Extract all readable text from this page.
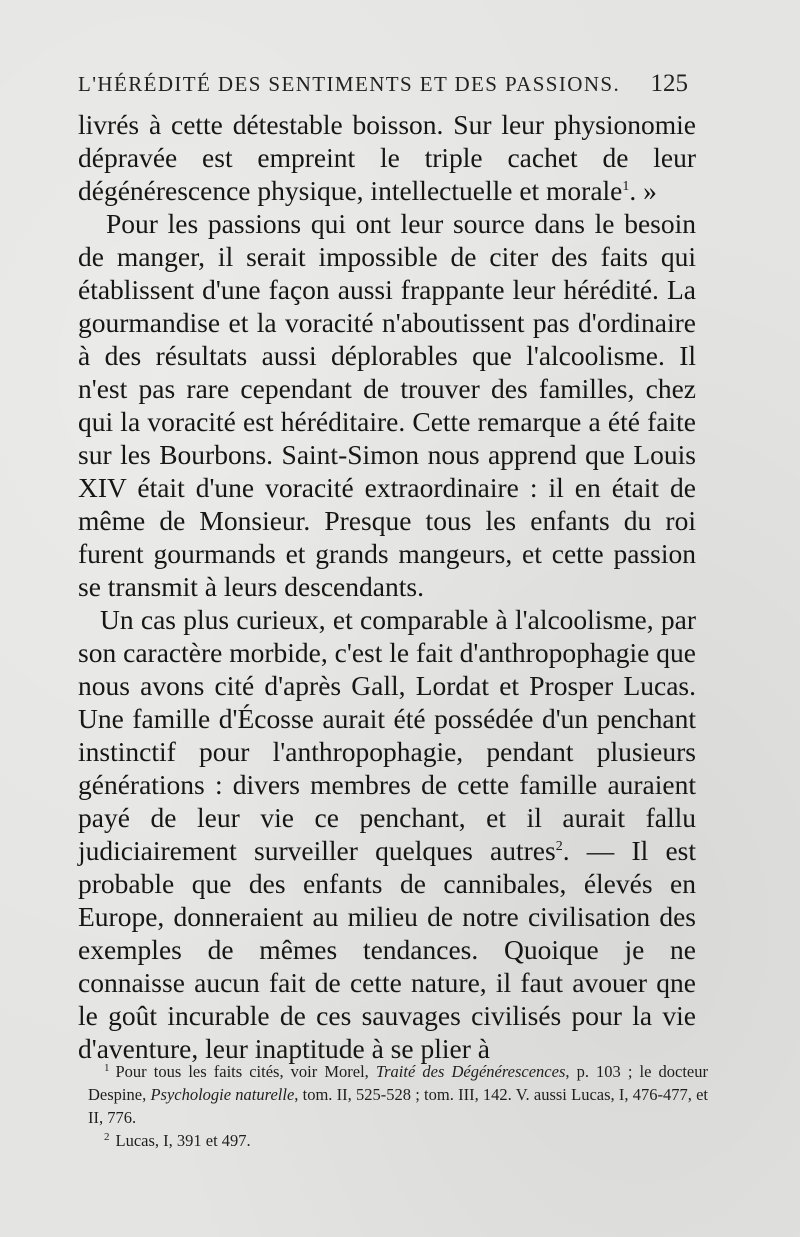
L'HÉRÉDITÉ DES SENTIMENTS ET DES PASSIONS. 125

livrés à cette détestable boisson. Sur leur physionomie dépravée est empreint le triple cachet de leur dégénérescence physique, intellectuelle et morale$^1$. »

Pour les passions qui ont leur source dans le besoin de manger, il serait impossible de citer des faits qui établissent d'une façon aussi frappante leur hérédité. La gourmandise et la voracité n'aboutissent pas d'ordinaire à des résultats aussi déplorables que l'alcoolisme. Il n'est pas rare cependant de trouver des familles, chez qui la voracité est héréditaire. Cette remarque a été faite sur les Bourbons. Saint-Simon nous apprend que Louis XIV était d'une voracité extraordinaire : il en était de même de Monsieur. Presque tous les enfants du roi furent gourmands et grands mangeurs, et cette passion se transmit à leurs descendants.

Un cas plus curieux, et comparable à l'alcoolisme, par son caractère morbide, c'est le fait d'anthropophagie que nous avons cité d'après Gall, Lordat et Prosper Lucas. Une famille d'Écosse aurait été possédée d'un penchant instinctif pour l'anthropophagie, pendant plusieurs générations : divers membres de cette famille auraient payé de leur vie ce penchant, et il aurait fallu judiciairement surveiller quelques autres$^2$. — Il est probable que des enfants de cannibales, élevés en Europe, donneraient au milieu de notre civilisation des exemples de mêmes tendances. Quoique je ne connaisse aucun fait de cette nature, il faut avouer qne le goût incurable de ces sauvages civilisés pour la vie d'aventure, leur inaptitude à se plier à

$^1$ Pour tous les faits cités, voir Morel, Traité des Dégénérescences, p. 103 ; le docteur Despine, Psychologie naturelle, tom. II, 525-528 ; tom. III, 142. V. aussi Lucas, I, 476-477, et II, 776.

$^2$ Lucas, I, 391 et 497.
